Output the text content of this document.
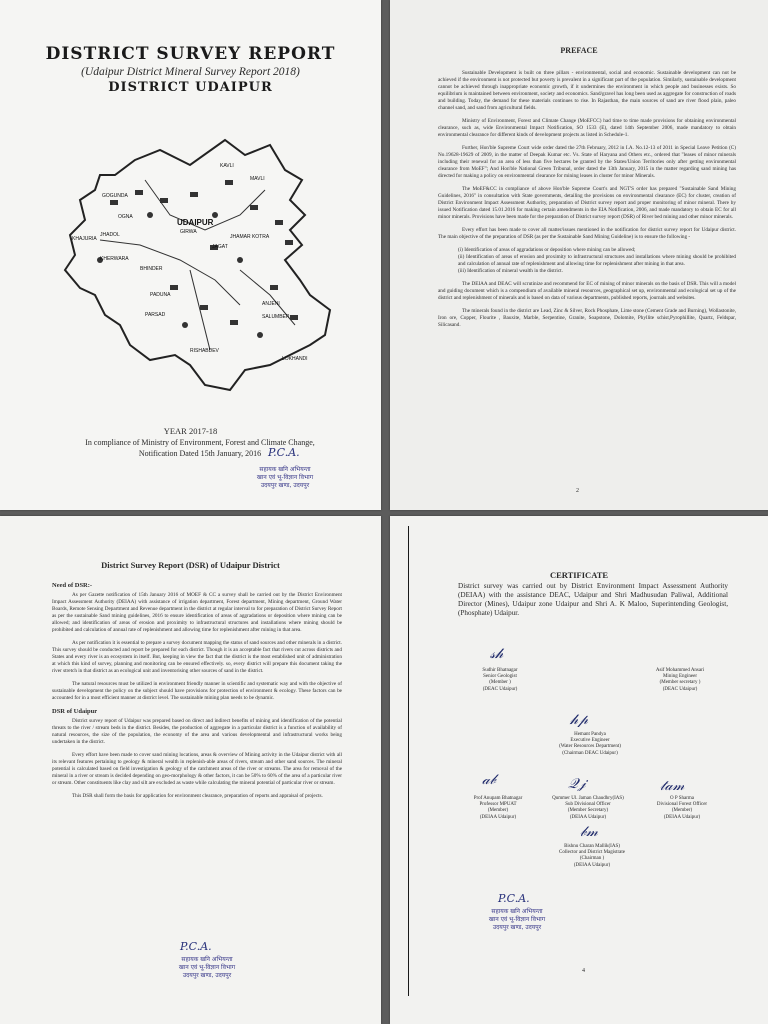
DISTRICT SURVEY REPORT
(Udaipur District Mineral Survey Report 2018)
DISTRICT UDAIPUR
GOGUNDA
KAVLI
JHADOL
UDAIPUR
GIRWA
KHERWARA
BHINDER
MAVLI
JHAMAR KOTRA
JAGAT
PADUNA
PARSAD	SALUMBER
LOKHANDI
RISHABDEV
ANJENI
KHAJURIA
OGNA
YEAR 2017-18
In compliance of Ministry of Environment, Forest and Climate Change,
Notification Dated 15th January, 2016 P.C.A.
सहायक खनि अभियन्ता
खान एवं भू-विज्ञान विभाग
उदयपुर खण्ड, उदयपुर
PREFACE

Sustainable Development is built on three pillars - environmental, social and economic. Sustainable development can not be achieved if the environment is not protected but poverty is prevalent in a significant part of the population. Similarly, sustainable development cannot be achieved through inappropriate economic growth, if it undermines the environment in which people and businesses exists. So equilibrium is maintained between environment, society and economics. Sand/gravel has long been used as aggregate for construction of roads and building. Today, the demand for these materials continues to rise. In Rajasthan, the main sources of sand are river flood plain, paleo channel sand, and sand from agricultural fields.

Ministry of Environment, Forest and Climate Change (MoEFCC) had time to time made provisions for obtaining environmental clearance, such as, wide Environmental Impact Notification, SO 1533 (E), dated 14th September 2006, made mandatory to obtain environmental clearance for different kinds of development projects as listed in Schedule-1.

Further, Hon'ble Supreme Court wide order dated the 27th February, 2012 in I.A. No.12-13 of 2011 in Special Leave Petition (C) No.19628-19629 of 2009, in the matter of Deepak Kumar etc. Vs. State of Haryana and Others etc., ordered that "leases of minor minerals including their renewal for an area of less than five hectares be granted by the States/Union Territories only after getting environmental clearance from MoEF"; And Hon'ble National Green Tribunal, order dated the 13th January, 2015 in the matter regarding sand mining has directed for making a policy on environmental clearance for mining leases in cluster for minor Minerals.

The MoEF&CC in compliance of above Hon'ble Supreme Court's and NGT'S order has prepared "Sustainable Sand Mining Guidelines, 2016" in consultation with State governments, detailing the provisions on environmental clearance (EC) for cluster, creation of District Environment Impact Assessment Authority, preparation of District survey report and proper monitoring of minor mineral. There by issued Notification dated 15.01.2016 for making certain amendments in the EIA Notification, 2006, and made mandatory to obtain EC for all minor minerals. Provisions have been made for the preparation of District survey report (DSR) of River bed mining and other minor minerals.

Every effort has been made to cover all matter/issues mentioned in the notification for district survey report for Udaipur district. The main objective of the preparation of DSR (as per the Sustainable Sand Mining Guideline) is to ensure the following -

(i) Identification of areas of aggradations or deposition where mining can be allowed;
(ii) Identification of areas of erosion and proximity to infrastructural structures and installations where mining should be prohibited and calculation of annual rate of replenishment and allowing time for replenishment after mining in that area.
(iii) Identification of mineral wealth in the district.

The DEIAA and DEAC will scrutinize and recommend for EC of mining of minor minerals on the basis of DSR. This will a model and guiding document which is a compendium of available mineral resources, geographical set up, environmental and ecological set up of the district and replenishment of minerals and is based on data of various departments, published reports, journals and websites.

The minerals found in the district are Lead, Zinc & Silver, Rock Phosphate, Lime stone (Cement Grade and Burning), Wollastonite, Iron ore, Copper, Flourite , Bauxite, Marble, Serpentine, Granite, Soapstone, Dolomite, Phyllite schist,Pyrophillite, Quartz, Feldspar, Silicasand.

2
District Survey Report (DSR) of Udaipur District
Need of DSR:-

As per Gazette notification of 15th January 2016 of MOEF & CC a survey shall be carried out by the District Environment Impact Assessment Authority (DEIAA) with assistance of irrigation department, Forest department, Mining department, Ground Water Boards, Remote Sensing Department and Revenue department in the district at regular interval to for preparation of District Survey Report as per the sustainable Sand mining guidelines, 2016 to ensure identification of areas of aggradations or deposition where mining can be allowed; and identification of areas of erosion and proximity to infrastructural structures and installations where mining should be prohibited and calculation of annual rate of replenishment and allowing time for replenishment after mining in that area.

As per notification it is essential to prepare a survey document mapping the status of sand sources and other minerals in a district. This survey should be conducted and report be prepared for each district. Though it is an acceptable fact that rivers cut across districts and States and every river is an ecosystem in itself. But, keeping in view the fact that the district is the most established unit of administration at which this kind of survey, planning and monitoring can be ensured effectively. so, every district will prepare this document taking the river stretch in that district as an ecological unit and inventorising other sources of sand in the district.

The natural resources must be utilized in environment friendly manner in scientific and systematic way and with the objective of sustainable development the policy on the subject should have provisions for protection of environment & ecology. These factors can be accounted for in a most efficient manner at district level. The sustainable mining plan needs to be dynamic.

DSR of Udaipur

District survey report of Udaipur was prepared based on direct and indirect benefits of mining and identification of the potential threats to the river / stream beds in the district. Besides, the production of aggregate in a particular district is a function of availability of natural resources, the size of the population, the economy of the area and various developmental and infrastructural works being undertaken in the district.

Every effort have been made to cover sand mining locations, areas & overview of Mining activity in the Udaipur district with all its relevant features pertaining to geology & mineral wealth in replenish-able areas of rivers, stream and other sand sources. The mineral potential is calculated based on field investigation & geology of the catchment areas of the river or streams. The area for removal of the mineral in a river or stream is decided depending on geo-morphology & other factors, it can be 50% to 60% of the area of a particular river or stream. Other constituents like clay and silt are excluded as waste while calculating the mineral potential of particular river or stream.

This DSR shall form the basis for application for environment clearance, preparation of reports and appraisal of projects.

P.C.A.
सहायक खनि अभियन्ता
खान एवं भू-विज्ञान विभाग
उदयपुर खण्ड, उदयपुर
CERTIFICATE
District survey was carried out by District Environment Impact Assessment Authority (DEIAA) with the assistance DEAC, Udaipur and Shri Madhusudan Paliwal, Additional Director (Mines), Udaipur zone Udaipur and Shri A. K Maloo, Superintending Geologist, (Phosphate) Udaipur.
𝓈𝒽
Sudhir Bhatnagar
Senior Geologist
(Member )
(DEAC Udaipur)
Asif Mohammed Ansari
Mining Engineer
(Member secretary )
(DEAC Udaipur)
𝒽𝓅
Hemant Pandya
Executive Engineer
(Water Resources Department)
(Chairman DEAC Udaipur)
𝒶𝒷
Prof Anupam Bhatnagar
Professor MPUAT
(Member)
(DEIAA Udaipur)
𝒬𝒿
Qummer Ul. Jaman Chaudhry(IAS)
Sub Divisional Officer
(Member Secretary)
(DEIAA Udaipur)
𝓉𝒶𝓂
O P Sharma
Divisional Forest Officer
(Member)
(DEIAA Udaipur)
𝒷𝓂
Bishnu Charan Mallik(IAS)
Collector and District Magistrate
(Chairman )
(DEIAA Udaipur)
P.C.A.
सहायक खनि अभियन्ता
खान एवं भू-विज्ञान विभाग
उदयपुर खण्ड, उदयपुर
4
